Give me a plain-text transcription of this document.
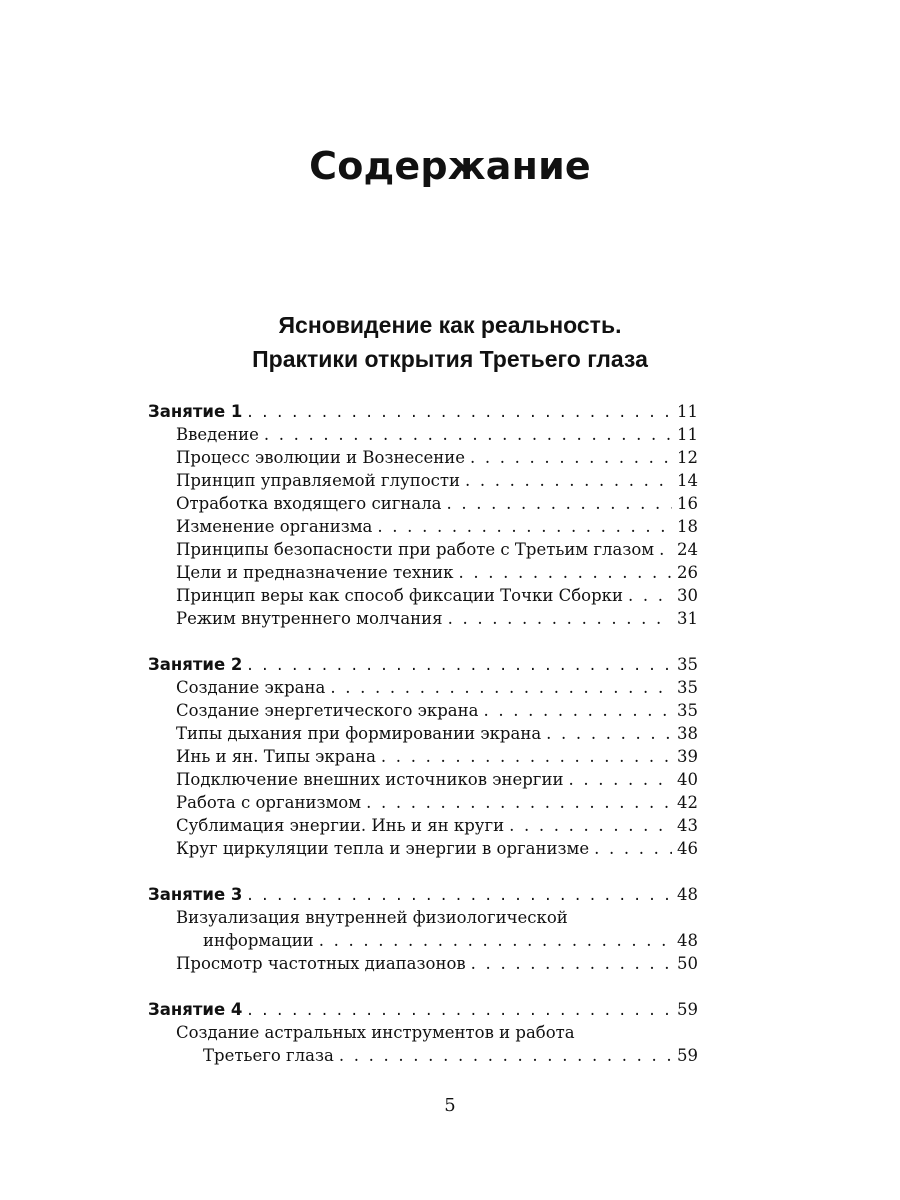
Содержание
Ясновидение как реальность.
Практики открытия Третьего глаза
Занятие 1 . . .	11
Введение . . .	11
Процесс эволюции и Вознесение . . .	12
Принцип управляемой глупости . . .	14
Отработка входящего сигнала . . .	16
Изменение организма . . .	18
Принципы безопасности при работе с Третьим глазом . . . 24
Цели и предназначение техник . . .	26
Принцип веры как способ фиксации Точки Сборки . . .	30
Режим внутреннего молчания . . .	31
Занятие 2 . . .	35
Создание экрана . . .	35
Создание энергетического экрана . . .	35
Типы дыхания при формировании экрана . . .	38
Инь и ян. Типы экрана . . .	39
Подключение внешних источников энергии . . .	40
Работа с организмом . . .	42
Сублимация энергии. Инь и ян круги . . .	43
Круг циркуляции тепла и энергии в организме . . .	46
Занятие 3 . . .	48
Визуализация внутренней физиологической
информации . . .	48
Просмотр частотных диапазонов . . .	50
Занятие 4 . . .	59
Создание астральных инструментов и работа
Третьего глаза . . .	59
5
